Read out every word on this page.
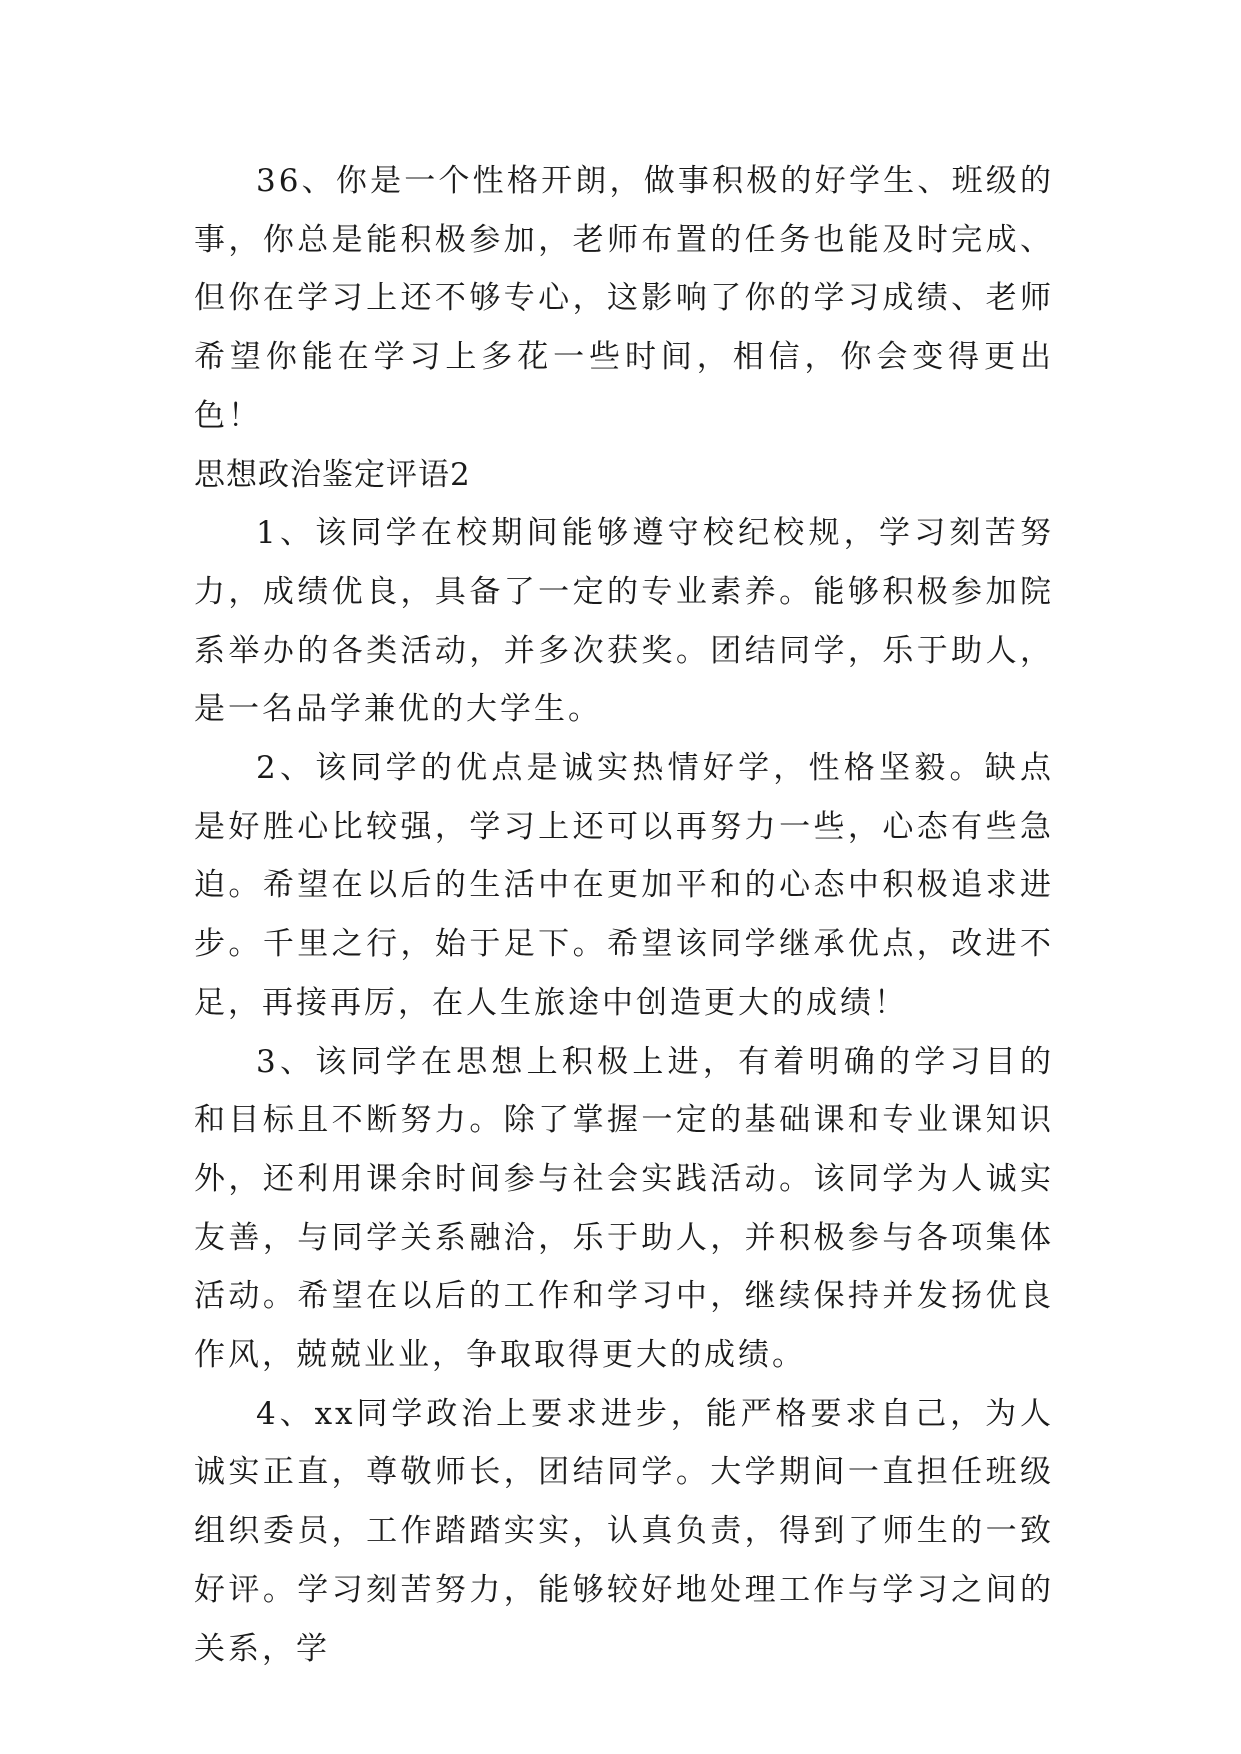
36、你是一个性格开朗，做事积极的好学生、班级的事，你总是能积极参加，老师布置的任务也能及时完成、但你在学习上还不够专心，这影响了你的学习成绩、老师希望你能在学习上多花一些时间，相信，你会变得更出色！

思想政治鉴定评语2

1、该同学在校期间能够遵守校纪校规，学习刻苦努力，成绩优良，具备了一定的专业素养。能够积极参加院系举办的各类活动，并多次获奖。团结同学，乐于助人，是一名品学兼优的大学生。

2、该同学的优点是诚实热情好学，性格坚毅。缺点是好胜心比较强，学习上还可以再努力一些，心态有些急迫。希望在以后的生活中在更加平和的心态中积极追求进步。千里之行，始于足下。希望该同学继承优点，改进不足，再接再厉，在人生旅途中创造更大的成绩！

3、该同学在思想上积极上进，有着明确的学习目的和目标且不断努力。除了掌握一定的基础课和专业课知识外，还利用课余时间参与社会实践活动。该同学为人诚实友善，与同学关系融洽，乐于助人，并积极参与各项集体活动。希望在以后的工作和学习中，继续保持并发扬优良作风，兢兢业业，争取取得更大的成绩。

4、xx同学政治上要求进步，能严格要求自己，为人诚实正直，尊敬师长，团结同学。大学期间一直担任班级组织委员，工作踏踏实实，认真负责，得到了师生的一致好评。学习刻苦努力，能够较好地处理工作与学习之间的关系，学
